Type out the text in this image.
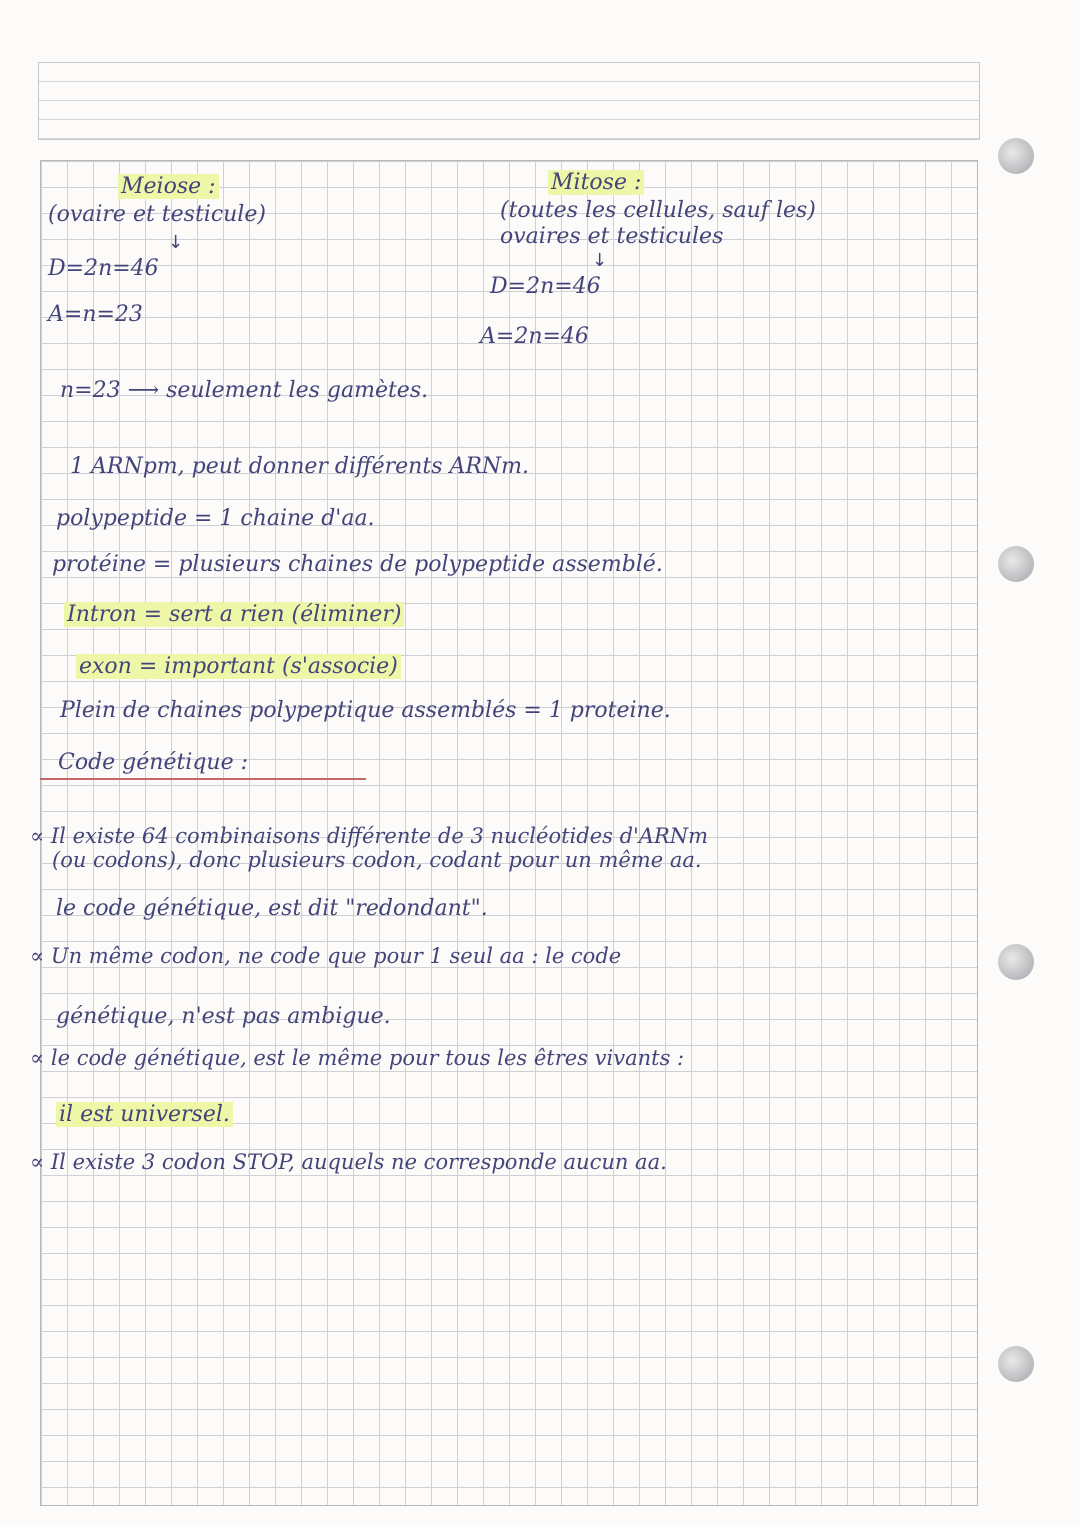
Meiose :
(ovaire et testicule)
↓
D=2n=46
A=n=23
Mitose :
(toutes les cellules, sauf les)
ovaires et testicules
↓
D=2n=46
A=2n=46
n=23 ⟶ seulement les gamètes.
1 ARNpm, peut donner différents ARNm.
polypeptide = 1 chaine d'aa.
protéine = plusieurs chaines de polypeptide assemblé.
Intron = sert a rien (éliminer)
exon = important (s'associe)
Plein de chaines polypeptique assemblés = 1 proteine.
Code génétique :
∝ Il existe 64 combinaisons différente de 3 nucléotides d'ARNm
(ou codons), donc plusieurs codon, codant pour un même aa.
le code génétique, est dit "redondant".
∝ Un même codon, ne code que pour 1 seul aa : le code
génétique, n'est pas ambigue.
∝ le code génétique, est le même pour tous les êtres vivants :
il est universel.
∝ Il existe 3 codon STOP, auquels ne corresponde aucun aa.
